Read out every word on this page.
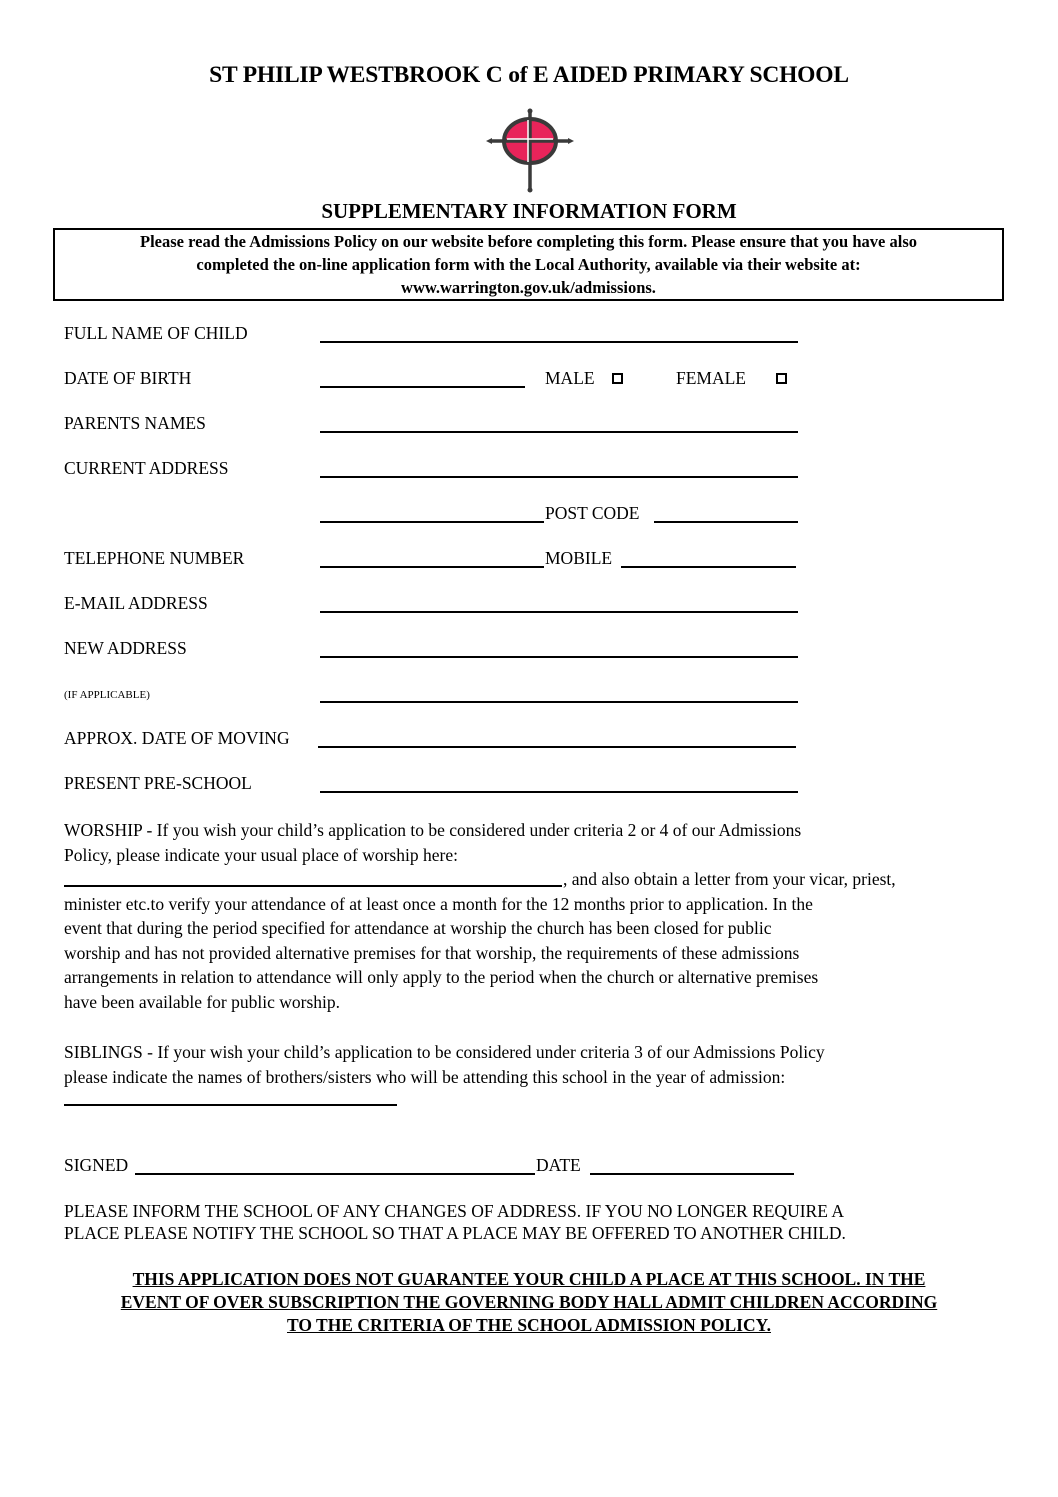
ST PHILIP WESTBROOK C of E AIDED PRIMARY SCHOOL
SUPPLEMENTARY INFORMATION FORM
Please read the Admissions Policy on our website before completing this form. Please ensure that you have also
completed the on-line application form with the Local Authority, available via their website at:
www.warrington.gov.uk/admissions.
FULL NAME OF CHILD
DATE OF BIRTH	MALE	FEMALE
PARENTS NAMES
CURRENT ADDRESS
POST CODE
TELEPHONE NUMBER	MOBILE
E-MAIL ADDRESS
NEW ADDRESS
(IF APPLICABLE)
APPROX. DATE OF MOVING
PRESENT PRE-SCHOOL
WORSHIP - If you wish your child’s application to be considered under criteria 2 or 4 of our Admissions
Policy, please indicate your usual place of worship here:
, and also obtain a letter from your vicar, priest,
minister etc.to verify your attendance of at least once a month for the 12 months prior to application. In the
event that during the period specified for attendance at worship the church has been closed for public
worship and has not provided alternative premises for that worship, the requirements of these admissions
arrangements in relation to attendance will only apply to the period when the church or alternative premises
have been available for public worship.
SIBLINGS - If your wish your child’s application to be considered under criteria 3 of our Admissions Policy
please indicate the names of brothers/sisters who will be attending this school in the year of admission:
SIGNED	DATE
PLEASE INFORM THE SCHOOL OF ANY CHANGES OF ADDRESS. IF YOU NO LONGER REQUIRE A
PLACE PLEASE NOTIFY THE SCHOOL SO THAT A PLACE MAY BE OFFERED TO ANOTHER CHILD.
THIS APPLICATION DOES NOT GUARANTEE YOUR CHILD A PLACE AT THIS SCHOOL. IN THE
EVENT OF OVER SUBSCRIPTION THE GOVERNING BODY HALL ADMIT CHILDREN ACCORDING
TO THE CRITERIA OF THE SCHOOL ADMISSION POLICY.
